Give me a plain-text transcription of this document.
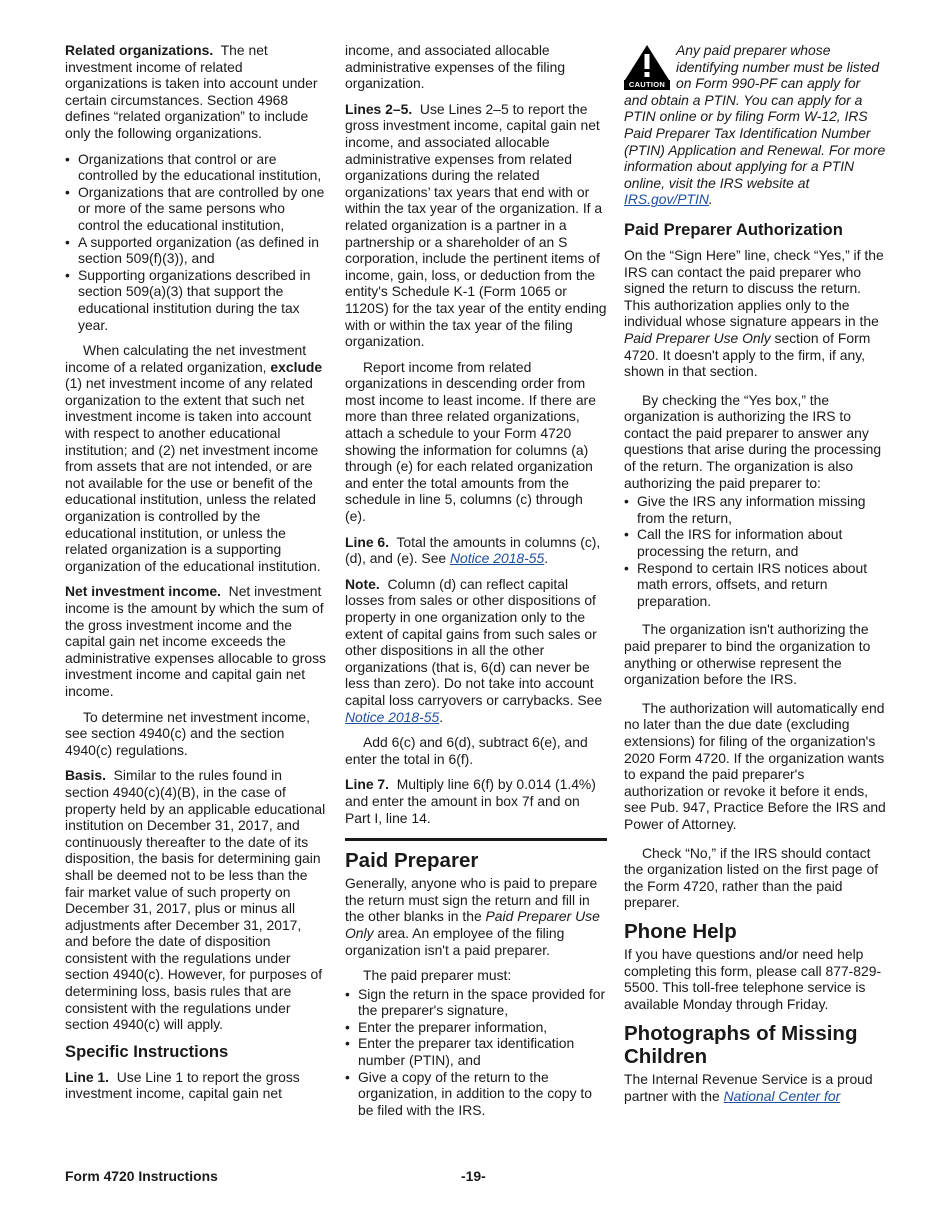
Related organizations. The net investment income of related organizations is taken into account under certain circumstances. Section 4968 defines “related organization” to include only the following organizations.

• Organizations that control or are controlled by the educational institution,

• Organizations that are controlled by one or more of the same persons who control the educational institution,

• A supported organization (as defined in section 509(f)(3)), and

• Supporting organizations described in section 509(a)(3) that support the educational institution during the tax year.

When calculating the net investment income of a related organization, exclude (1) net investment income of any related organization to the extent that such net investment income is taken into account with respect to another educational institution; and (2) net investment income from assets that are not intended, or are not available for the use or benefit of the educational institution, unless the related organization is controlled by the educational institution, or unless the related organization is a supporting organization of the educational institution.

Net investment income. Net investment income is the amount by which the sum of the gross investment income and the capital gain net income exceeds the administrative expenses allocable to gross investment income and capital gain net income.

To determine net investment income, see section 4940(c) and the section 4940(c) regulations.

Basis. Similar to the rules found in section 4940(c)(4)(B), in the case of property held by an applicable educational institution on December 31, 2017, and continuously thereafter to the date of its disposition, the basis for determining gain shall be deemed not to be less than the fair market value of such property on December 31, 2017, plus or minus all adjustments after December 31, 2017, and before the date of disposition consistent with the regulations under section 4940(c). However, for purposes of determining loss, basis rules that are consistent with the regulations under section 4940(c) will apply.

Specific Instructions

Line 1. Use Line 1 to report the gross investment income, capital gain net

income, and associated allocable administrative expenses of the filing organization.

Lines 2–5. Use Lines 2–5 to report the gross investment income, capital gain net income, and associated allocable administrative expenses from related organizations during the related organizations’ tax years that end with or within the tax year of the organization. If a related organization is a partner in a partnership or a shareholder of an S corporation, include the pertinent items of income, gain, loss, or deduction from the entity's Schedule K-1 (Form 1065 or 1120S) for the tax year of the entity ending with or within the tax year of the filing organization.

Report income from related organizations in descending order from most income to least income. If there are more than three related organizations, attach a schedule to your Form 4720 showing the information for columns (a) through (e) for each related organization and enter the total amounts from the schedule in line 5, columns (c) through (e).

Line 6. Total the amounts in columns (c), (d), and (e). See Notice 2018-55.

Note. Column (d) can reflect capital losses from sales or other dispositions of property in one organization only to the extent of capital gains from such sales or other dispositions in all the other organizations (that is, 6(d) can never be less than zero). Do not take into account capital loss carryovers or carrybacks. See Notice 2018-55.

Add 6(c) and 6(d), subtract 6(e), and enter the total in 6(f).

Line 7. Multiply line 6(f) by 0.014 (1.4%) and enter the amount in box 7f and on Part I, line 14.

Paid Preparer

Generally, anyone who is paid to prepare the return must sign the return and fill in the other blanks in the Paid Preparer Use Only area. An employee of the filing organization isn't a paid preparer.

The paid preparer must:

• Sign the return in the space provided for the preparer's signature,

• Enter the preparer information,

• Enter the preparer tax identification number (PTIN), and

• Give a copy of the return to the organization, in addition to the copy to be filed with the IRS.

CAUTION
Any paid preparer whose identifying number must be listed on Form 990-PF can apply for and obtain a PTIN. You can apply for a PTIN online or by filing Form W-12, IRS Paid Preparer Tax Identification Number (PTIN) Application and Renewal. For more information about applying for a PTIN online, visit the IRS website at IRS.gov/PTIN.
Paid Preparer Authorization

On the “Sign Here” line, check “Yes,” if the IRS can contact the paid preparer who signed the return to discuss the return. This authorization applies only to the individual whose signature appears in the Paid Preparer Use Only section of Form 4720. It doesn't apply to the firm, if any, shown in that section.

By checking the “Yes box,” the organization is authorizing the IRS to contact the paid preparer to answer any questions that arise during the processing of the return. The organization is also authorizing the paid preparer to:

• Give the IRS any information missing from the return,

• Call the IRS for information about processing the return, and

• Respond to certain IRS notices about math errors, offsets, and return preparation.

The organization isn't authorizing the paid preparer to bind the organization to anything or otherwise represent the organization before the IRS.

The authorization will automatically end no later than the due date (excluding extensions) for filing of the organization's 2020 Form 4720. If the organization wants to expand the paid preparer's authorization or revoke it before it ends, see Pub. 947, Practice Before the IRS and Power of Attorney.

Check “No,” if the IRS should contact the organization listed on the first page of the Form 4720, rather than the paid preparer.

Phone Help

If you have questions and/or need help completing this form, please call 877-829-5500. This toll-free telephone service is available Monday through Friday.

Photographs of Missing Children

The Internal Revenue Service is a proud partner with the National Center for

Form 4720 Instructions	-19-
